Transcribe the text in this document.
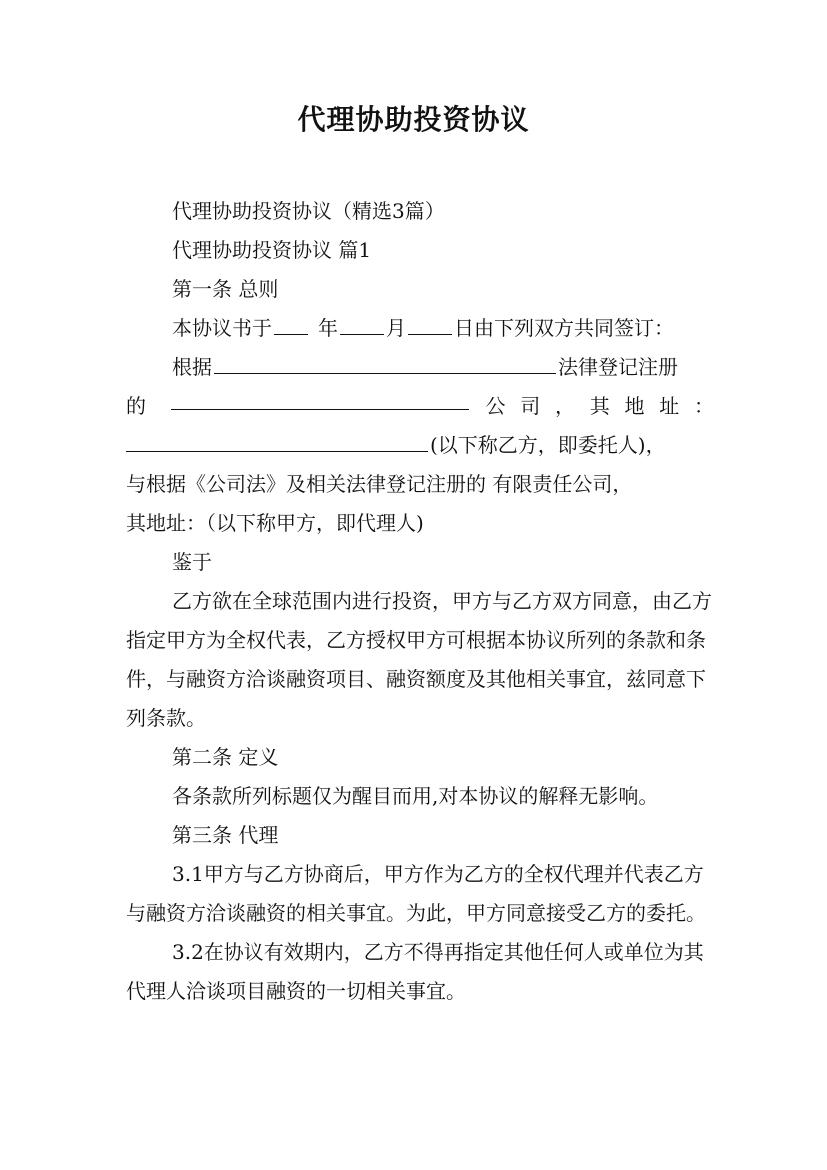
代理协助投资协议

代理协助投资协议（精选3篇）

代理协助投资协议 篇1

第一条 总则

本协议书于 年 月 日由下列双方共同签订：

根据	法律登记注册

的	公 司 ， 其 地 址 ：

(以下称乙方，即委托人)，

与根据《公司法》及相关法律登记注册的 有限责任公司，

其地址：（以下称甲方，即代理人)

鉴于

乙方欲在全球范围内进行投资，甲方与乙方双方同意，由乙方指定甲方为全权代表，乙方授权甲方可根据本协议所列的条款和条件，与融资方洽谈融资项目、融资额度及其他相关事宜，兹同意下列条款。

第二条 定义

各条款所列标题仅为醒目而用,对本协议的解释无影响。

第三条 代理

3.1甲方与乙方协商后，甲方作为乙方的全权代理并代表乙方与融资方洽谈融资的相关事宜。为此，甲方同意接受乙方的委托。

3.2在协议有效期内，乙方不得再指定其他任何人或单位为其代理人洽谈项目融资的一切相关事宜。
